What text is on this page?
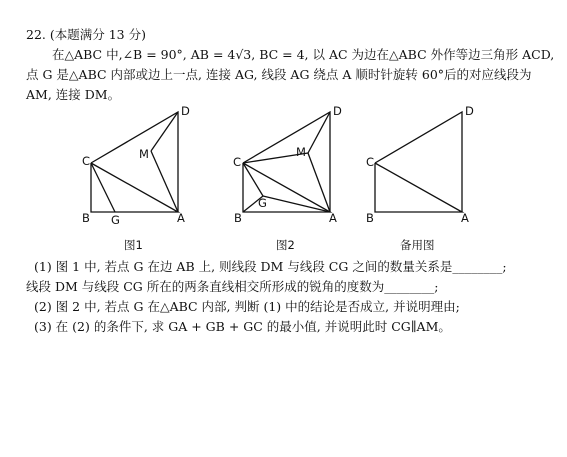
22. (本题满分 13 分)
在△ABC 中,∠B = 90°, AB = 4√3, BC = 4, 以 AC 为边在△ABC 外作等边三角形 ACD,
点 G 是△ABC 内部或边上一点, 连接 AG, 线段 AG 绕点 A 顺时针旋转 60°后的对应线段为
AM, 连接 DM。
D
C	M
B G	A
图1
D
C
M
G
B	A
图2
D
C
B	A
备用图
(1) 图 1 中, 若点 G 在边 AB 上, 则线段 DM 与线段 CG 之间的数量关系是________;
线段 DM 与线段 CG 所在的两条直线相交所形成的锐角的度数为________;
(2) 图 2 中, 若点 G 在△ABC 内部, 判断 (1) 中的结论是否成立, 并说明理由;
(3) 在 (2) 的条件下, 求 GA + GB + GC 的最小值, 并说明此时 CG∥AM。
